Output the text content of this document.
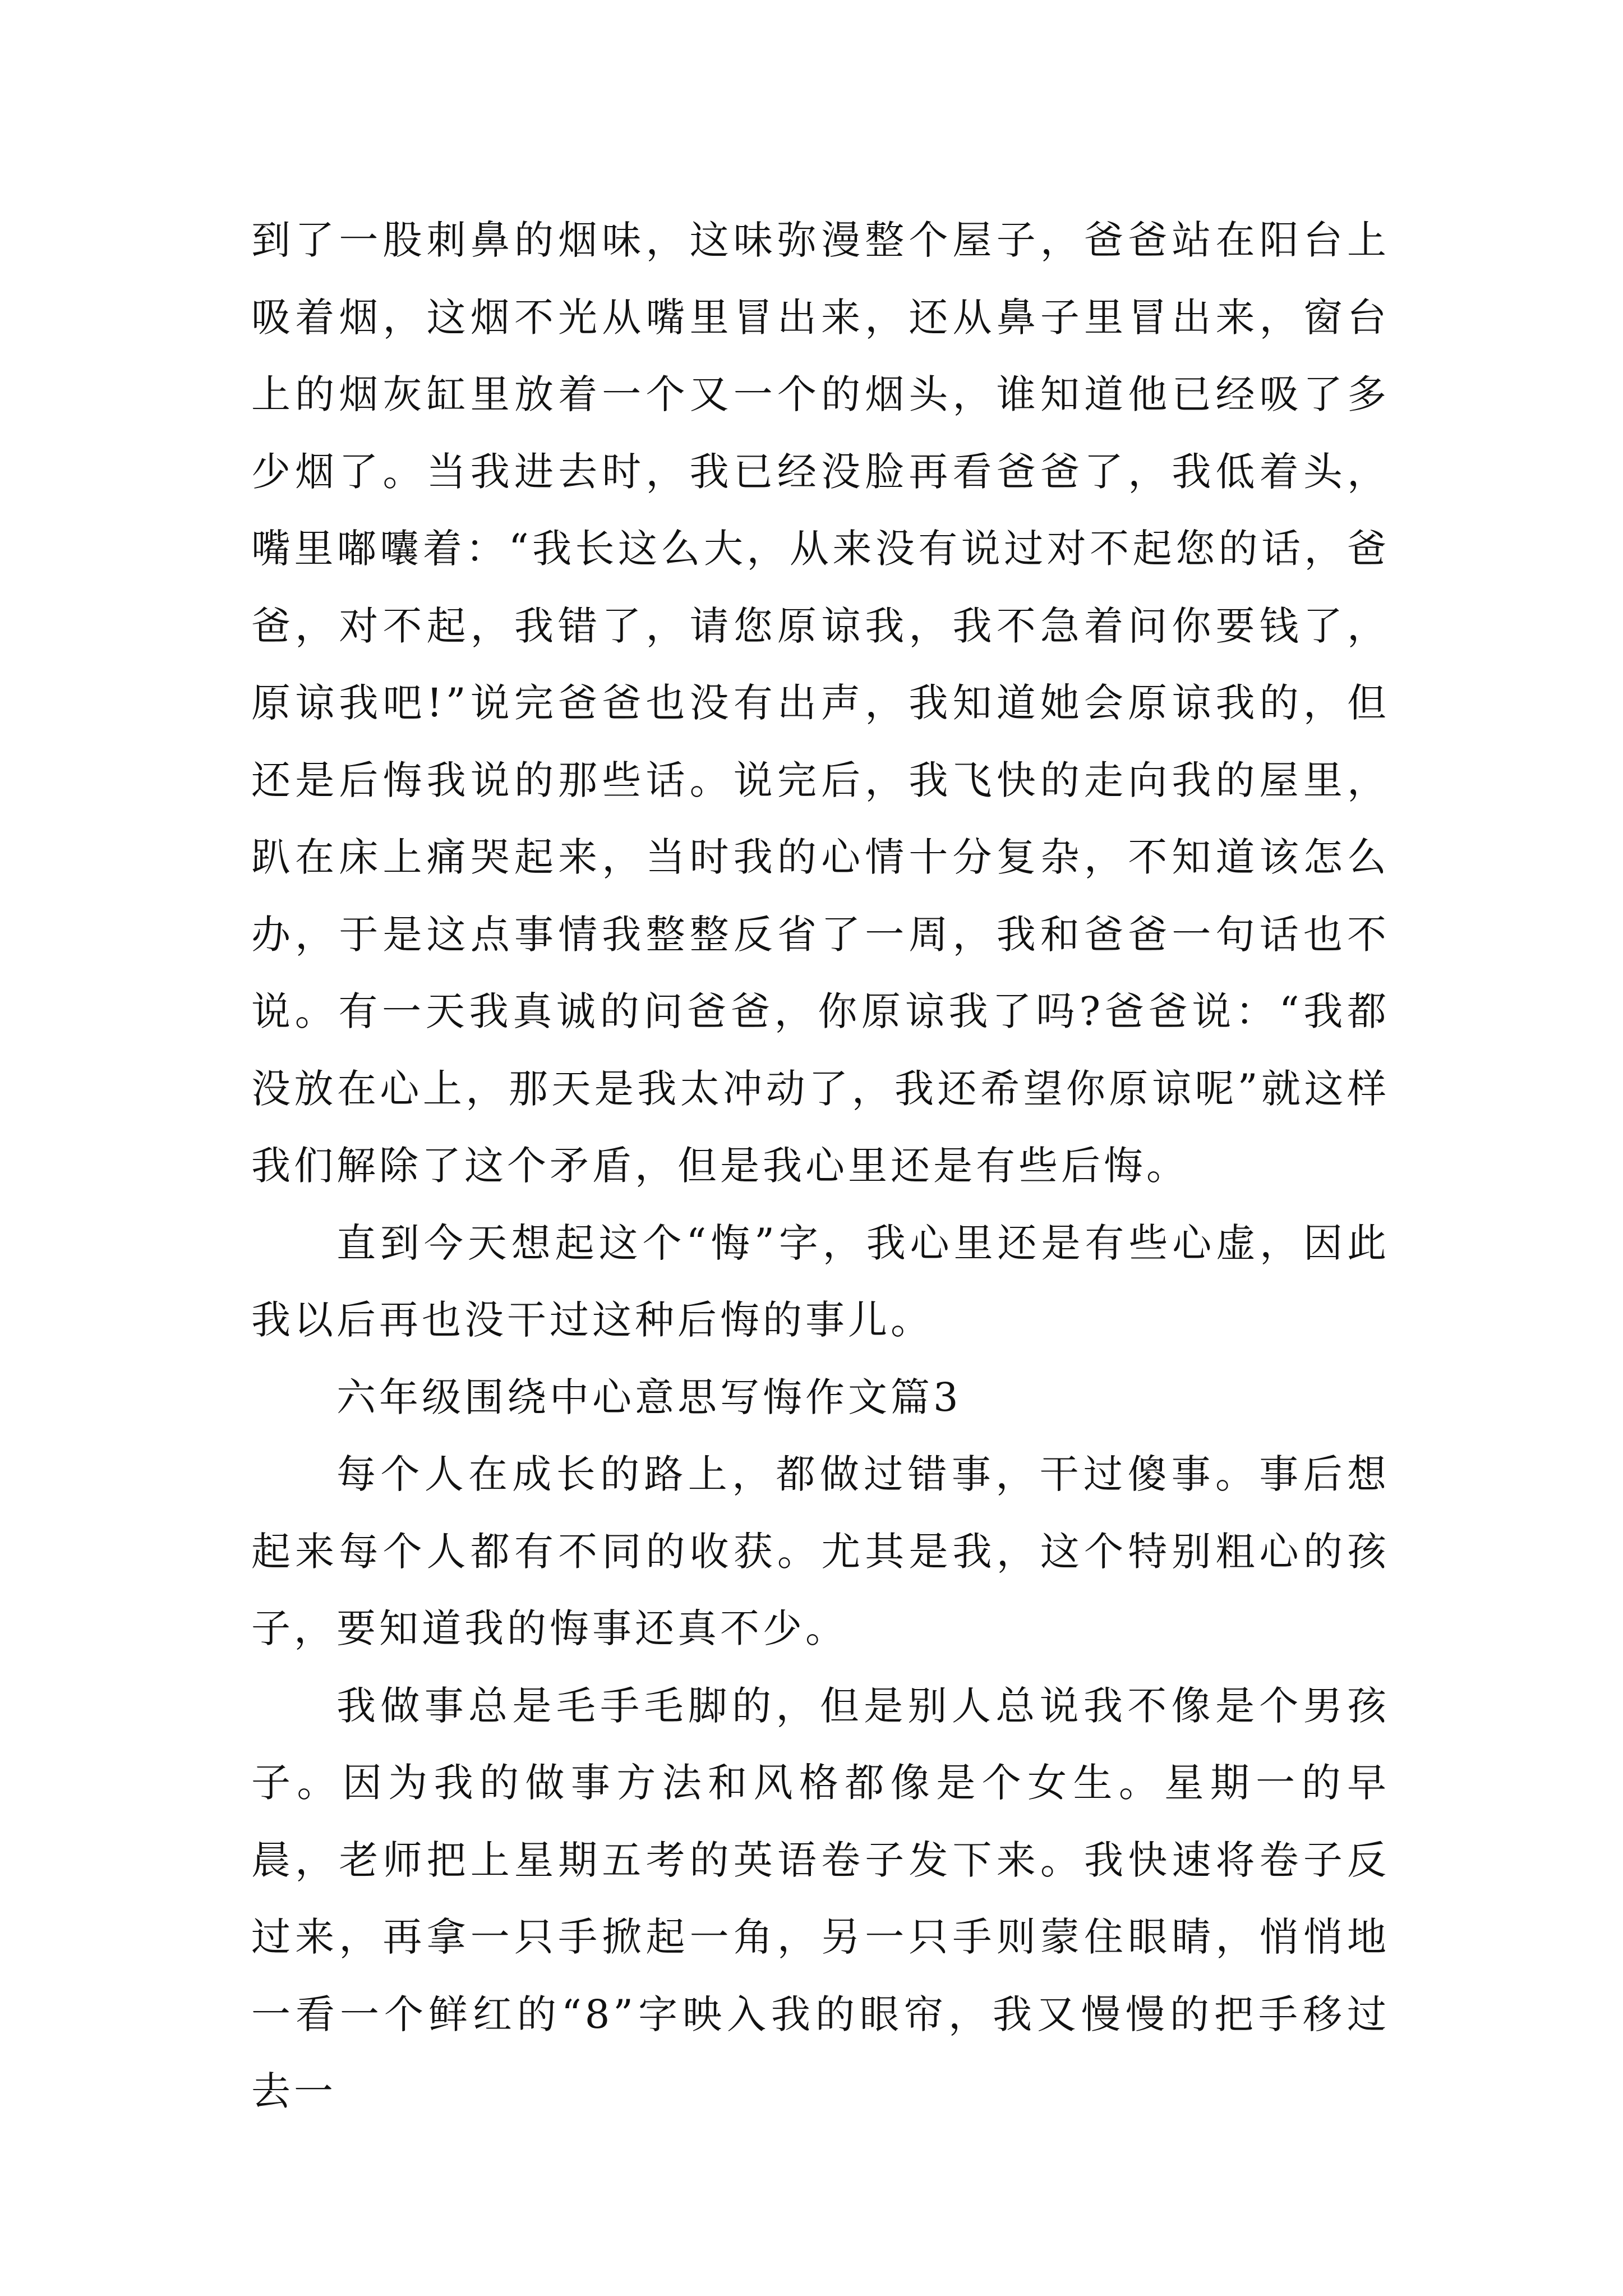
到了一股刺鼻的烟味，这味弥漫整个屋子，爸爸站在阳台上吸着烟，这烟不光从嘴里冒出来，还从鼻子里冒出来，窗台上的烟灰缸里放着一个又一个的烟头，谁知道他已经吸了多少烟了。当我进去时，我已经没脸再看爸爸了，我低着头，嘴里嘟囔着：“我长这么大，从来没有说过对不起您的话，爸爸，对不起，我错了，请您原谅我，我不急着问你要钱了，原谅我吧!”说完爸爸也没有出声，我知道她会原谅我的，但还是后悔我说的那些话。说完后，我飞快的走向我的屋里，趴在床上痛哭起来，当时我的心情十分复杂，不知道该怎么办，于是这点事情我整整反省了一周，我和爸爸一句话也不说。有一天我真诚的问爸爸，你原谅我了吗?爸爸说：“我都没放在心上，那天是我太冲动了，我还希望你原谅呢”就这样我们解除了这个矛盾，但是我心里还是有些后悔。

直到今天想起这个“悔”字，我心里还是有些心虚，因此我以后再也没干过这种后悔的事儿。

六年级围绕中心意思写悔作文篇3

每个人在成长的路上，都做过错事，干过傻事。事后想起来每个人都有不同的收获。尤其是我，这个特别粗心的孩子，要知道我的悔事还真不少。

我做事总是毛手毛脚的，但是别人总说我不像是个男孩子。因为我的做事方法和风格都像是个女生。星期一的早晨，老师把上星期五考的英语卷子发下来。我快速将卷子反过来，再拿一只手掀起一角，另一只手则蒙住眼睛，悄悄地一看一个鲜红的“8”字映入我的眼帘，我又慢慢的把手移过去一
